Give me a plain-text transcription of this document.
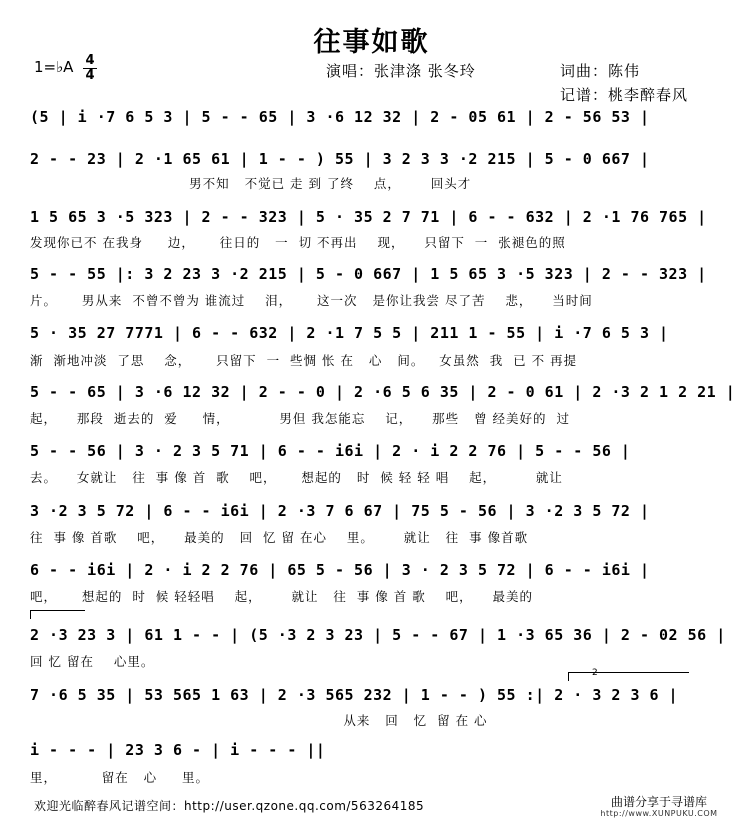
往事如歌
1=♭A 4
4	演唱：张津涤 张冬玲	词曲：陈伟
记谱：桃李醉春风
(5 | i ·7 6 5 3 | 5 - - 65 | 3 ·6 12 32 | 2 - 05 61 | 2 - 56 53 |
2 - - 23 | 2 ·1 65 61 | 1 - - ) 55 | 3 2 3 3 ·2 215 | 5 - 0 667 |
男不知   不觉已 走 到 了终    点，      回头才
1 5 65 3 ·5 323 | 2 - - 323 | 5 · 35 2 7 71 | 6 - - 632 | 2 ·1 76 765 |
发现你已不 在我身     边，     往日的   一  切 不再出    现，    只留下  一  张褪色的照
5 - - 55 |: 3 2 23 3 ·2 215 | 5 - 0 667 | 1 5 65 3 ·5 323 | 2 - - 323 |
片。     男从来  不曾不曾为 谁流过    泪，     这一次   是你让我尝 尽了苦    悲，    当时间
5 · 35 27 7771 | 6 - - 632 | 2 ·1 7 5 5 | 211 1 - 55 | i ·7 6 5 3 |
渐  渐地冲淡  了思    念，     只留下  一  些惆 怅 在   心   间。   女虽然  我  已 不 再提
5 - - 65 | 3 ·6 12 32 | 2 - - 0 | 2 ·6 5 6 35 | 2 - 0 61 | 2 ·3 2 1 2 21 |
起，    那段  逝去的  爱     情，          男但 我怎能忘    记，    那些   曾 经美好的  过
5 - - 56 | 3 · 2 3 5 71 | 6 - - i6i | 2 · i 2 2 76 | 5 - - 56 |
去。    女就让   往  事 像 首  歌    吧，     想起的   时  候 轻 轻 唱    起，        就让
3 ·2 3 5 72 | 6 - - i6i | 2 ·3 7 6 67 | 75 5 - 56 | 3 ·2 3 5 72 |
往  事 像 首歌    吧，    最美的   回  忆 留 在心    里。      就让   往  事 像首歌
6 - - i6i | 2 · i 2 2 76 | 65 5 - 56 | 3 · 2 3 5 72 | 6 - - i6i |
吧，     想起的  时  候 轻轻唱    起，      就让   往  事 像 首 歌    吧，    最美的
2 ·3 23 3 | 61 1 - - | (5 ·3 2 3 23 | 5 - - 67 | 1 ·3 65 36 | 2 - 02 56 |
回 忆 留在    心里。
2
7 ·6 5 35 | 53 565 1 63 | 2 ·3 565 232 | 1 - - ) 55 :| 2 · 3 2 3 6 |
从来   回   忆  留 在 心
i - - - | 23 3 6 - | i - - - ||
里，         留在   心     里。
欢迎光临醉春风记谱空间：http://user.qzone.qq.com/563264185	曲谱分享于寻谱库
http://www.XUNPUKU.COM
